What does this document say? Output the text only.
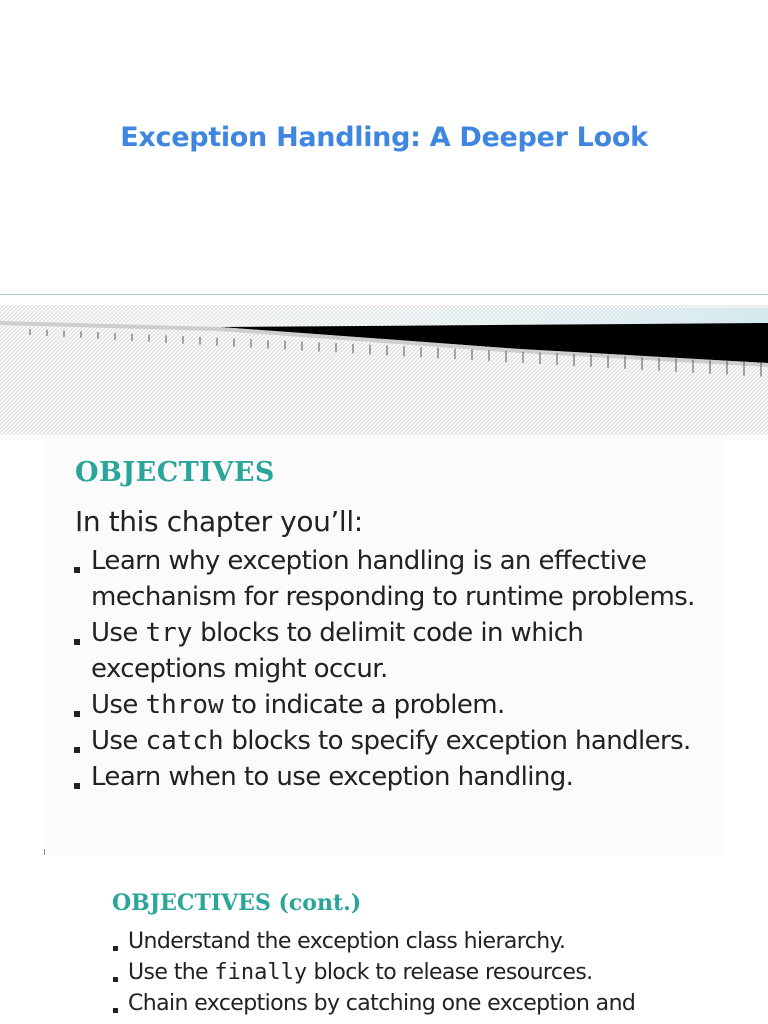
Exception Handling: A Deeper Look
OBJECTIVES
In this chapter you’ll:
Learn why exception handling is an effective mechanism for responding to runtime problems.
Use try blocks to delimit code in which exceptions might occur.
Use throw to indicate a problem.
Use catch blocks to specify exception handlers.
Learn when to use exception handling.
OBJECTIVES (cont.)
Understand the exception class hierarchy.
Use the finally block to release resources.
Chain exceptions by catching one exception and
